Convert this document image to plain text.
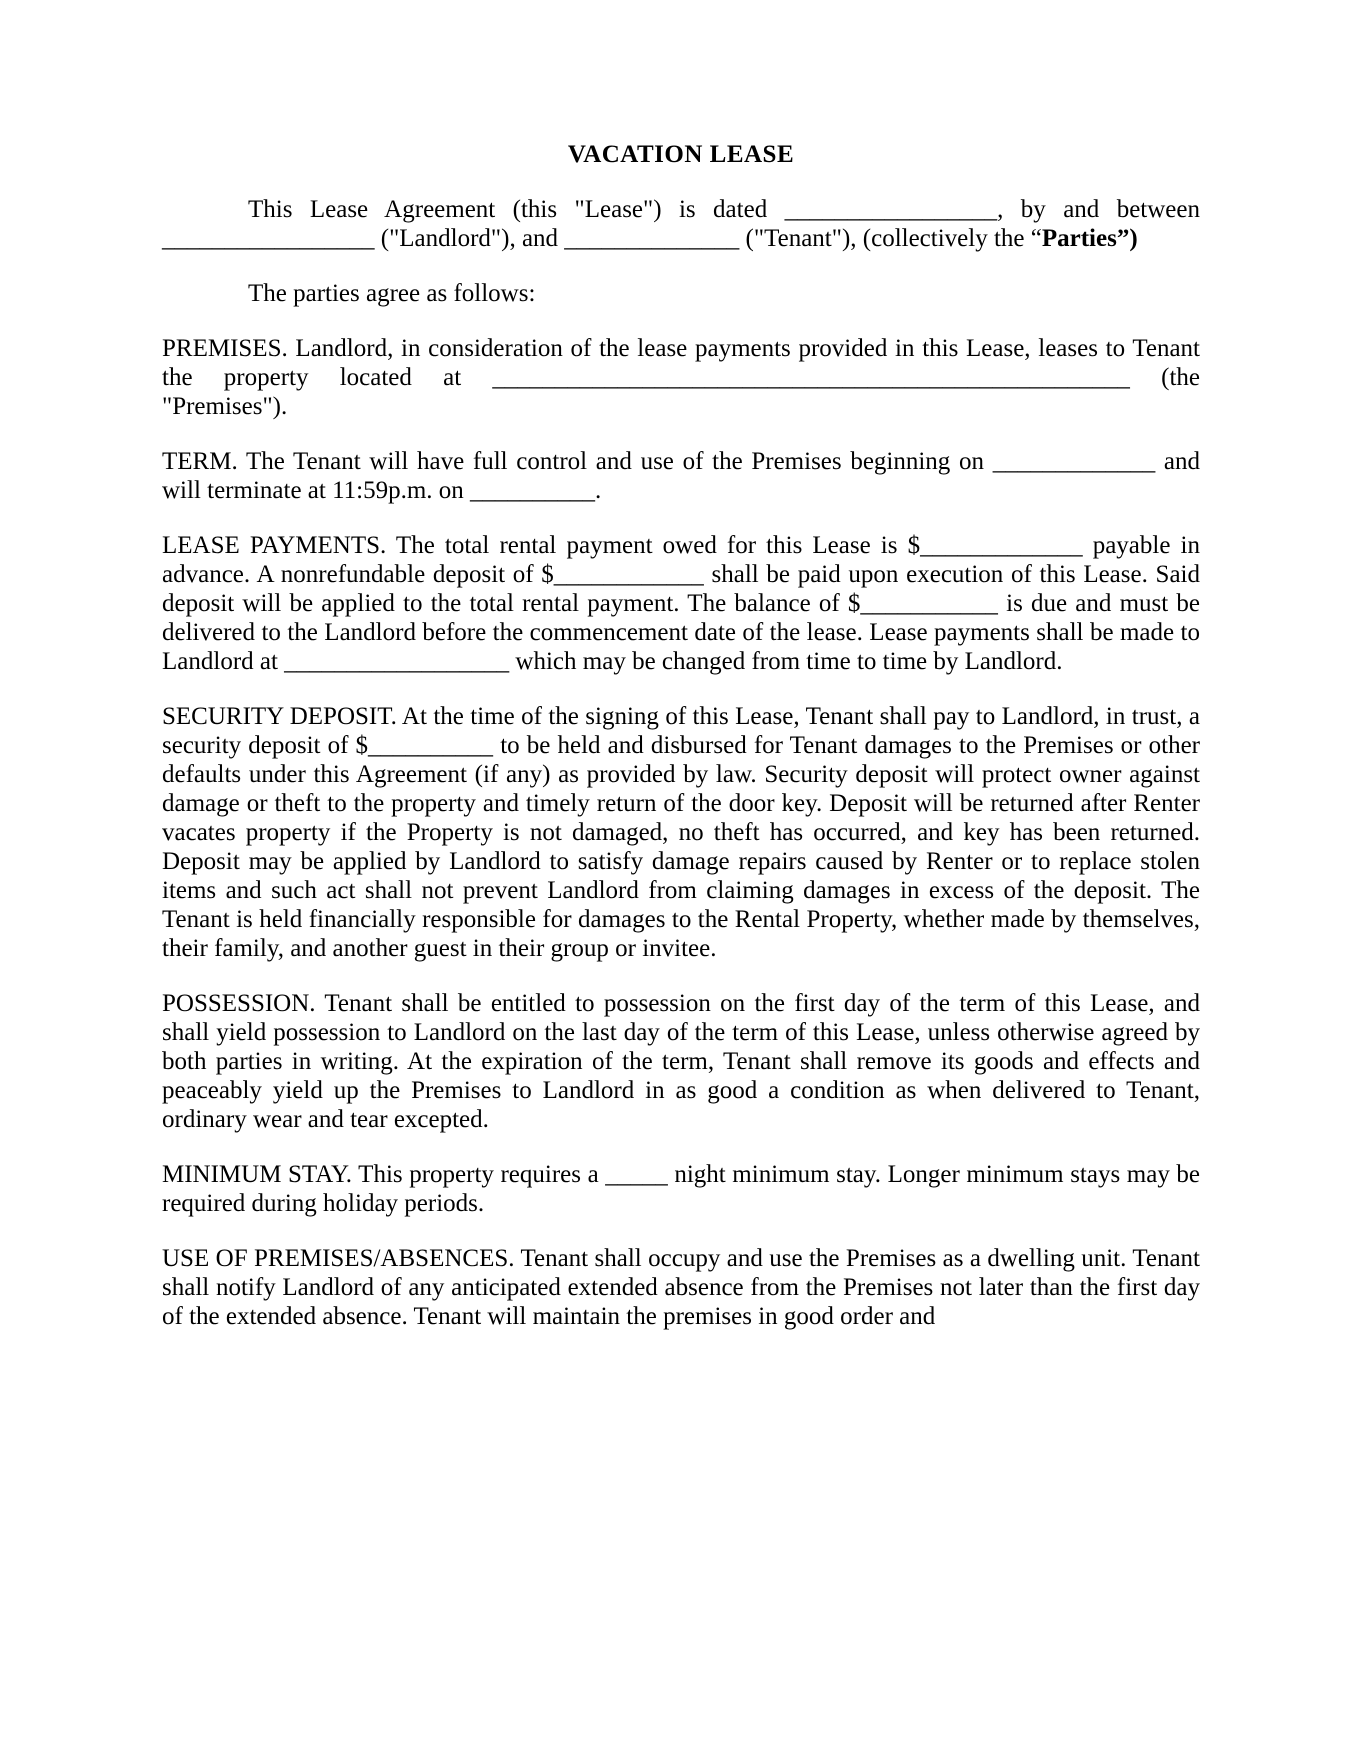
VACATION LEASE

This Lease Agreement (this "Lease") is dated _________________, by and between _________________ ("Landlord"), and ______________ ("Tenant"), (collectively the “Parties”)

The parties agree as follows:

PREMISES. Landlord, in consideration of the lease payments provided in this Lease, leases to Tenant the property located at ___________________________________________________ (the "Premises").

TERM. The Tenant will have full control and use of the Premises beginning on _____________ and will terminate at 11:59p.m. on __________.

LEASE PAYMENTS. The total rental payment owed for this Lease is $_____________ payable in advance. A nonrefundable deposit of $____________ shall be paid upon execution of this Lease. Said deposit will be applied to the total rental payment. The balance of $___________ is due and must be delivered to the Landlord before the commencement date of the lease. Lease payments shall be made to Landlord at __________________ which may be changed from time to time by Landlord.

SECURITY DEPOSIT. At the time of the signing of this Lease, Tenant shall pay to Landlord, in trust, a security deposit of $__________ to be held and disbursed for Tenant damages to the Premises or other defaults under this Agreement (if any) as provided by law. Security deposit will protect owner against damage or theft to the property and timely return of the door key. Deposit will be returned after Renter vacates property if the Property is not damaged, no theft has occurred, and key has been returned. Deposit may be applied by Landlord to satisfy damage repairs caused by Renter or to replace stolen items and such act shall not prevent Landlord from claiming damages in excess of the deposit. The Tenant is held financially responsible for damages to the Rental Property, whether made by themselves, their family, and another guest in their group or invitee.

POSSESSION. Tenant shall be entitled to possession on the first day of the term of this Lease, and shall yield possession to Landlord on the last day of the term of this Lease, unless otherwise agreed by both parties in writing. At the expiration of the term, Tenant shall remove its goods and effects and peaceably yield up the Premises to Landlord in as good a condition as when delivered to Tenant, ordinary wear and tear excepted.

MINIMUM STAY. This property requires a _____ night minimum stay. Longer minimum stays may be required during holiday periods.

USE OF PREMISES/ABSENCES. Tenant shall occupy and use the Premises as a dwelling unit. Tenant shall notify Landlord of any anticipated extended absence from the Premises not later than the first day of the extended absence. Tenant will maintain the premises in good order and
